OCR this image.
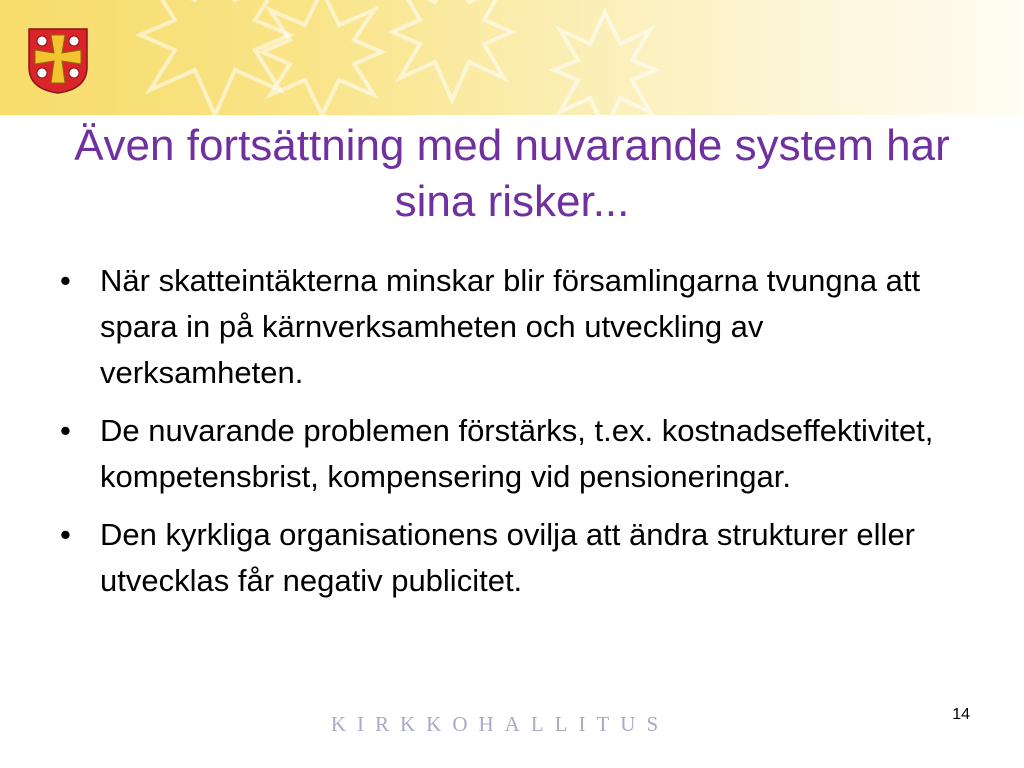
Även fortsättning med nuvarande system har sina risker...
• När skatteintäkterna minskar blir församlingarna tvungna att spara in på kärnverksamheten och utveckling av verksamheten.
• De nuvarande problemen förstärks, t.ex. kostnadseffektivitet, kompetensbrist, kompensering vid pensioneringar.
• Den kyrkliga organisationens ovilja att ändra strukturer eller utvecklas får negativ publicitet.
KIRKKOHALLITUS	14
